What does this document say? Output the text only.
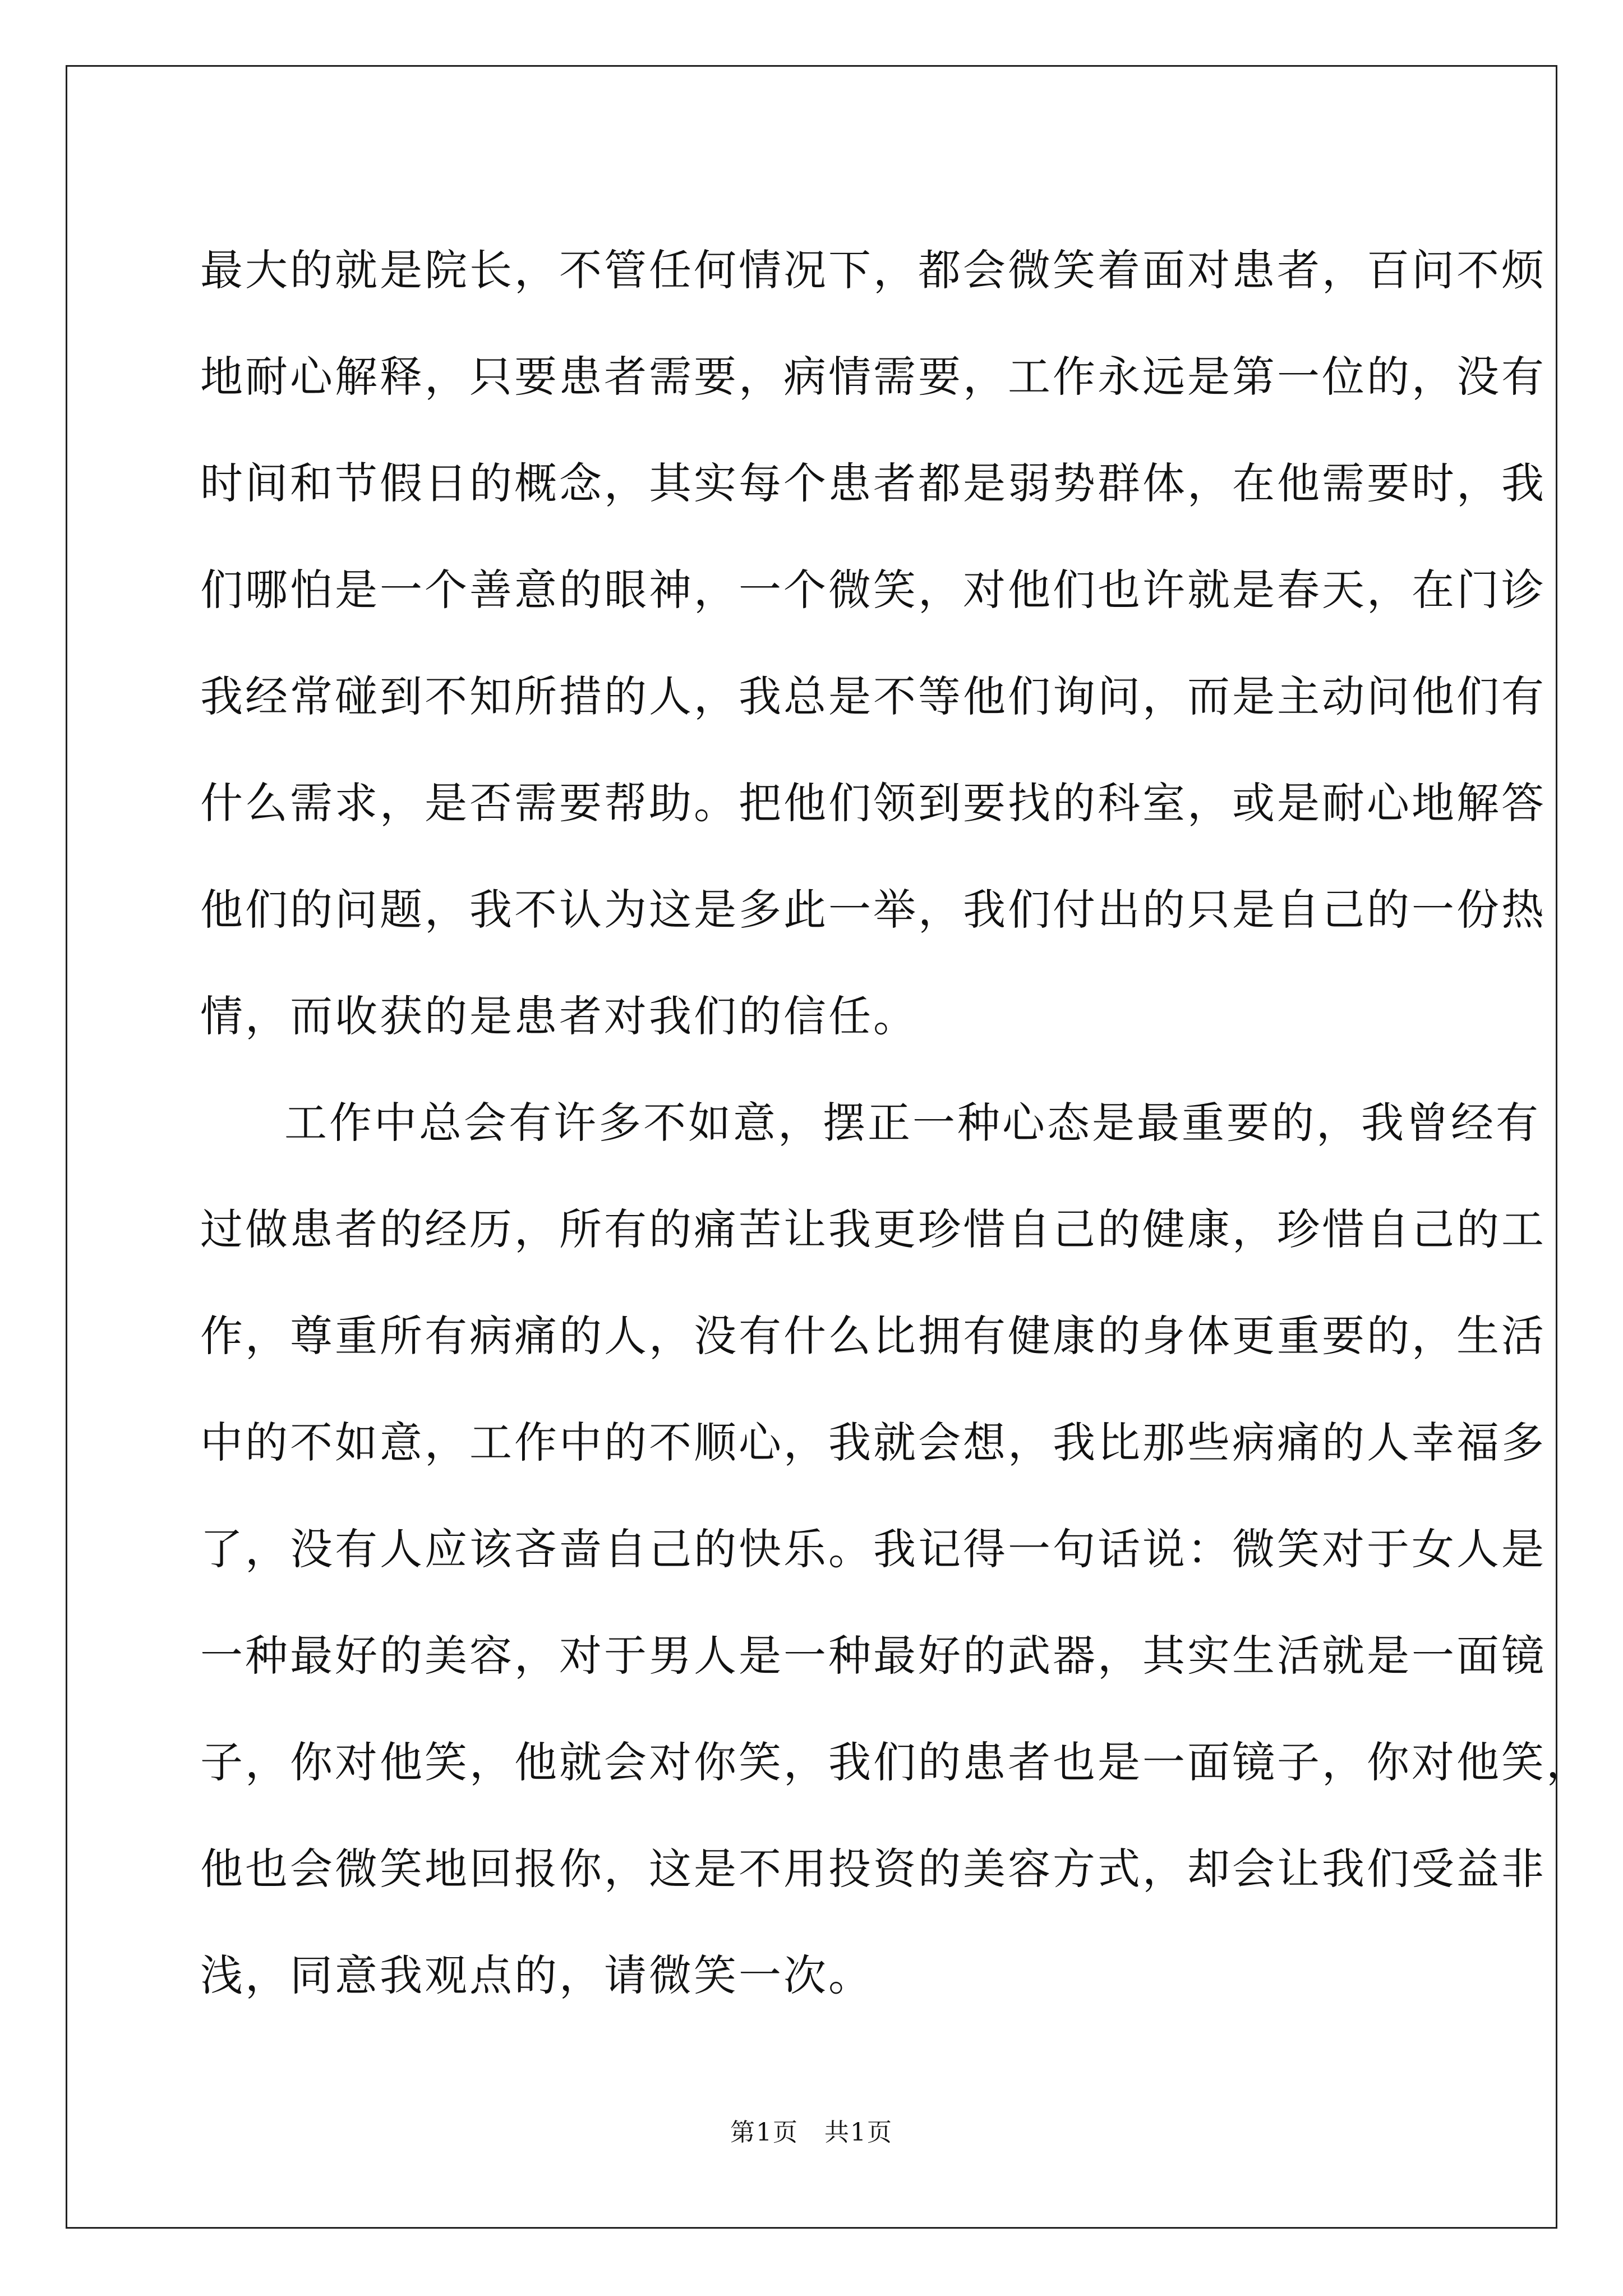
最大的就是院长，不管任何情况下，都会微笑着面对患者，百问不烦
地耐心解释，只要患者需要，病情需要，工作永远是第一位的，没有
时间和节假日的概念，其实每个患者都是弱势群体，在他需要时，我
们哪怕是一个善意的眼神，一个微笑，对他们也许就是春天，在门诊
我经常碰到不知所措的人，我总是不等他们询问，而是主动问他们有
什么需求，是否需要帮助。把他们领到要找的科室，或是耐心地解答
他们的问题，我不认为这是多此一举，我们付出的只是自己的一份热
情，而收获的是患者对我们的信任。
工作中总会有许多不如意，摆正一种心态是最重要的，我曾经有
过做患者的经历，所有的痛苦让我更珍惜自己的健康，珍惜自己的工
作，尊重所有病痛的人，没有什么比拥有健康的身体更重要的，生活
中的不如意，工作中的不顺心，我就会想，我比那些病痛的人幸福多
了，没有人应该吝啬自己的快乐。我记得一句话说：微笑对于女人是
一种最好的美容，对于男人是一种最好的武器，其实生活就是一面镜
子，你对他笑，他就会对你笑，我们的患者也是一面镜子，你对他笑，
他也会微笑地回报你，这是不用投资的美容方式，却会让我们受益非
浅，同意我观点的，请微笑一次。
第1页　共1页
